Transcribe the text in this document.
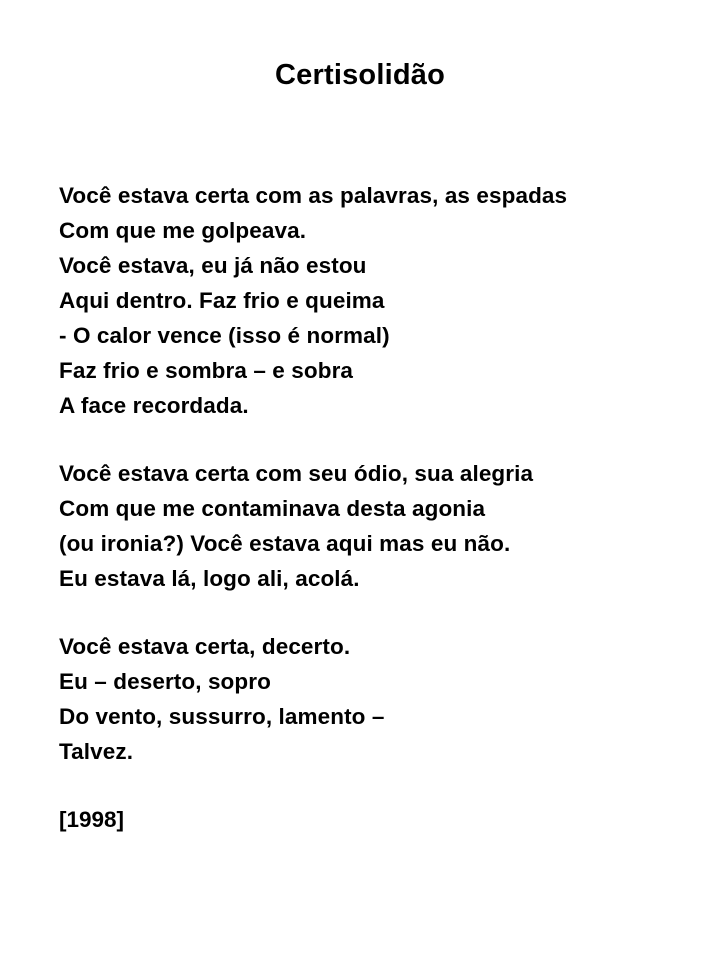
Certisolidão
Você estava certa com as palavras, as espadas
Com que me golpeava.
Você estava, eu já não estou
Aqui dentro. Faz frio e queima
- O calor vence (isso é normal)
Faz frio e sombra – e sobra
A face recordada.
Você estava certa com seu ódio, sua alegria
Com que me contaminava desta agonia
(ou ironia?) Você estava aqui mas eu não.
Eu estava lá, logo ali, acolá.
Você estava certa, decerto.
Eu – deserto, sopro
Do vento, sussurro, lamento –
Talvez.
[1998]
